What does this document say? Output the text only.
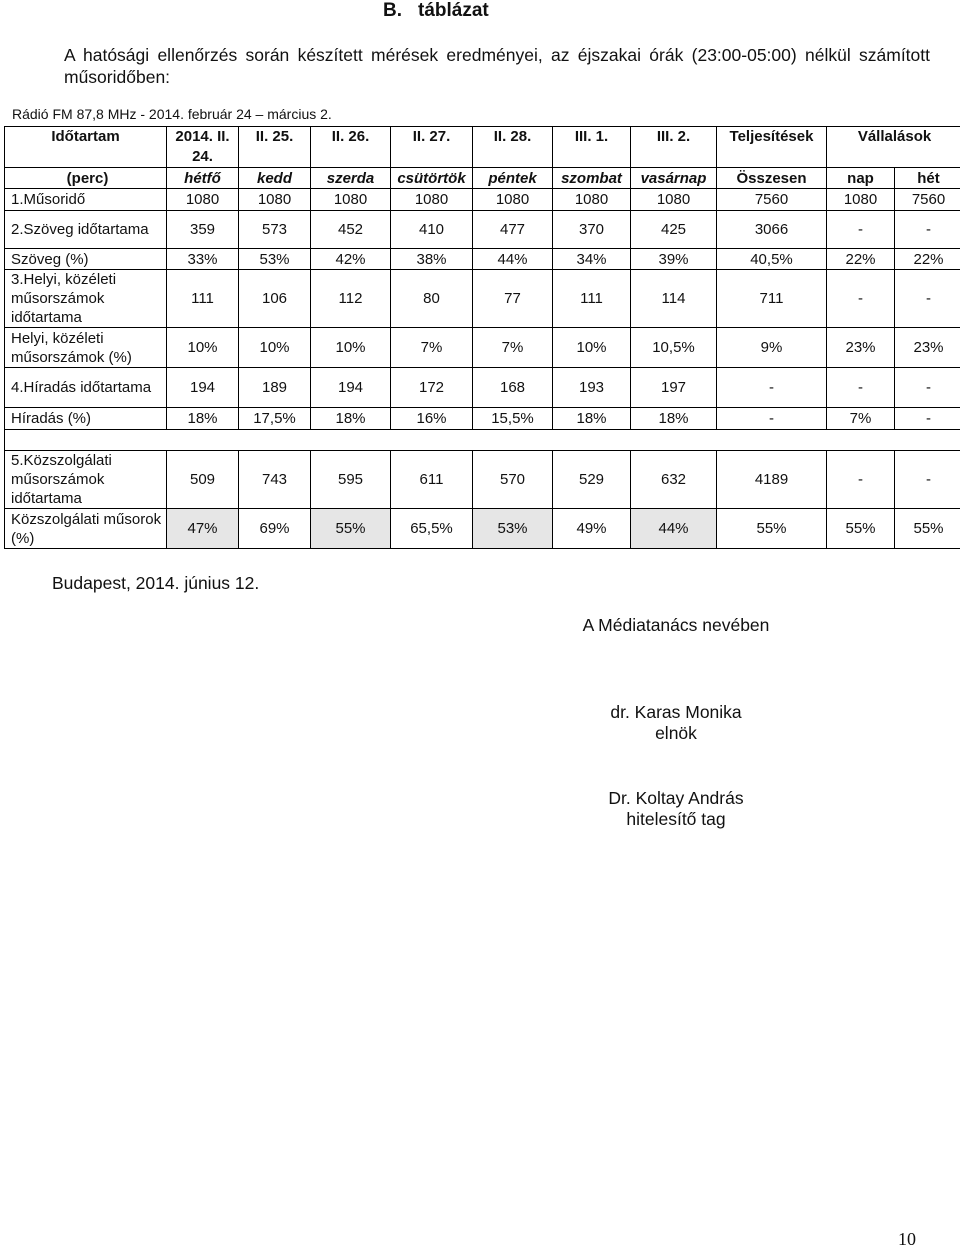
B. táblázat
A hatósági ellenőrzés során készített mérések eredményei, az éjszakai órák (23:00-05:00) nélkül számított műsoridőben:
Rádió FM 87,8 MHz - 2014. február 24 – március 2.
Időtartam	2014. II. 24.	II. 25.	II. 26.	II. 27.	II. 28.	III. 1.	III. 2.	Teljesítések	Vállalások	
(perc)	hétfő	kedd	szerda	csütörtök	péntek	szombat	vasárnap	Összesen	nap	hét
1.Műsoridő	1080	1080	1080	1080	1080	1080	1080	7560	1080	7560
2.Szöveg időtartama	359	573	452	410	477	370	425	3066	-	-
Szöveg (%)	33%	53%	42%	38%	44%	34%	39%	40,5%	22%	22%
3.Helyi, közéleti műsorszámok időtartama	111	106	112	80	77	111	114	711	-	-
Helyi, közéleti műsorszámok (%)	10%	10%	10%	7%	7%	10%	10,5%	9%	23%	23%
4.Híradás időtartama	194	189	194	172	168	193	197	-	-	-
Híradás (%)	18%	17,5%	18%	16%	15,5%	18%	18%	-	7%	-

5.Közszolgálati műsorszámok időtartama	509	743	595	611	570	529	632	4189	-	-
Közszolgálati műsorok (%)	47%	69%	55%	65,5%	53%	49%	44%	55%	55%	55%
Budapest, 2014. június 12.
A Médiatanács nevében
dr. Karas Monika
elnök
Dr. Koltay András
hitelesítő tag
10
